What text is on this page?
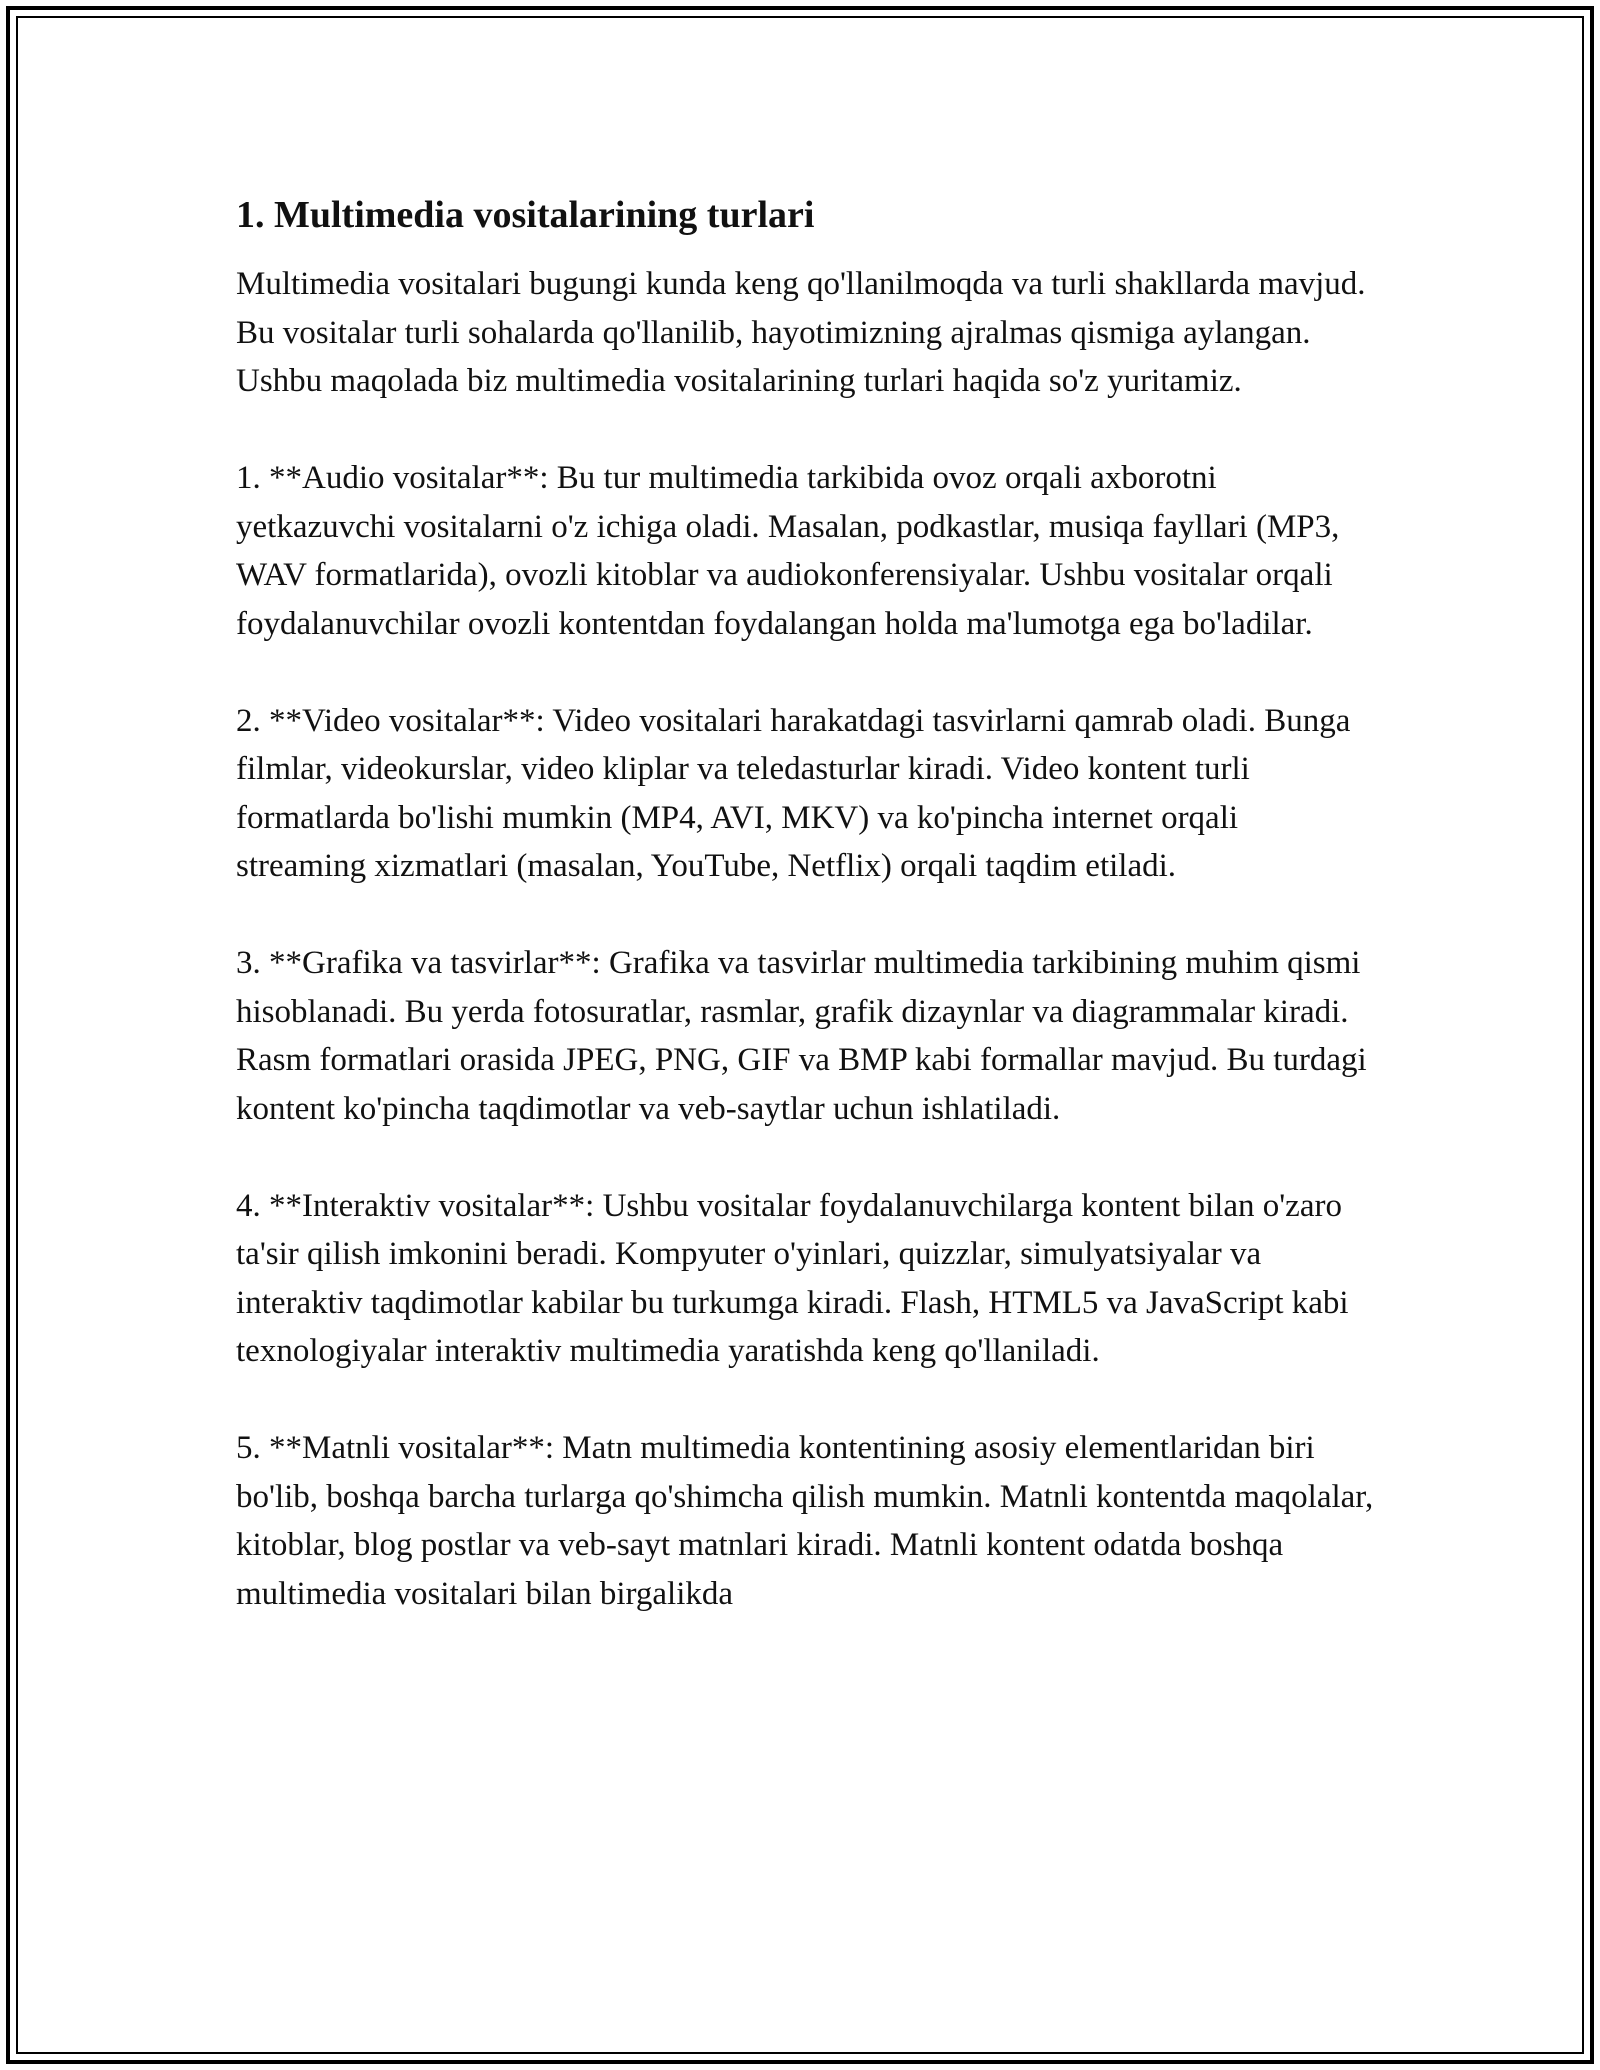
1. Multimedia vositalarining turlari

Multimedia vositalari bugungi kunda keng qo'llanilmoqda va turli shakllarda mavjud. Bu vositalar turli sohalarda qo'llanilib, hayotimizning ajralmas qismiga aylangan. Ushbu maqolada biz multimedia vositalarining turlari haqida so'z yuritamiz.

1. **Audio vositalar**: Bu tur multimedia tarkibida ovoz orqali axborotni yetkazuvchi vositalarni o'z ichiga oladi. Masalan, podkastlar, musiqa fayllari (MP3, WAV formatlarida), ovozli kitoblar va audiokonferensiyalar. Ushbu vositalar orqali foydalanuvchilar ovozli kontentdan foydalangan holda ma'lumotga ega bo'ladilar.

2. **Video vositalar**: Video vositalari harakatdagi tasvirlarni qamrab oladi. Bunga filmlar, videokurslar, video kliplar va teledasturlar kiradi. Video kontent turli formatlarda bo'lishi mumkin (MP4, AVI, MKV) va ko'pincha internet orqali streaming xizmatlari (masalan, YouTube, Netflix) orqali taqdim etiladi.

3. **Grafika va tasvirlar**: Grafika va tasvirlar multimedia tarkibining muhim qismi hisoblanadi. Bu yerda fotosuratlar, rasmlar, grafik dizaynlar va diagrammalar kiradi. Rasm formatlari orasida JPEG, PNG, GIF va BMP kabi formallar mavjud. Bu turdagi kontent ko'pincha taqdimotlar va veb-saytlar uchun ishlatiladi.

4. **Interaktiv vositalar**: Ushbu vositalar foydalanuvchilarga kontent bilan o'zaro ta'sir qilish imkonini beradi. Kompyuter o'yinlari, quizzlar, simulyatsiyalar va interaktiv taqdimotlar kabilar bu turkumga kiradi. Flash, HTML5 va JavaScript kabi texnologiyalar interaktiv multimedia yaratishda keng qo'llaniladi.

5. **Matnli vositalar**: Matn multimedia kontentining asosiy elementlaridan biri bo'lib, boshqa barcha turlarga qo'shimcha qilish mumkin. Matnli kontentda maqolalar, kitoblar, blog postlar va veb-sayt matnlari kiradi. Matnli kontent odatda boshqa multimedia vositalari bilan birgalikda
